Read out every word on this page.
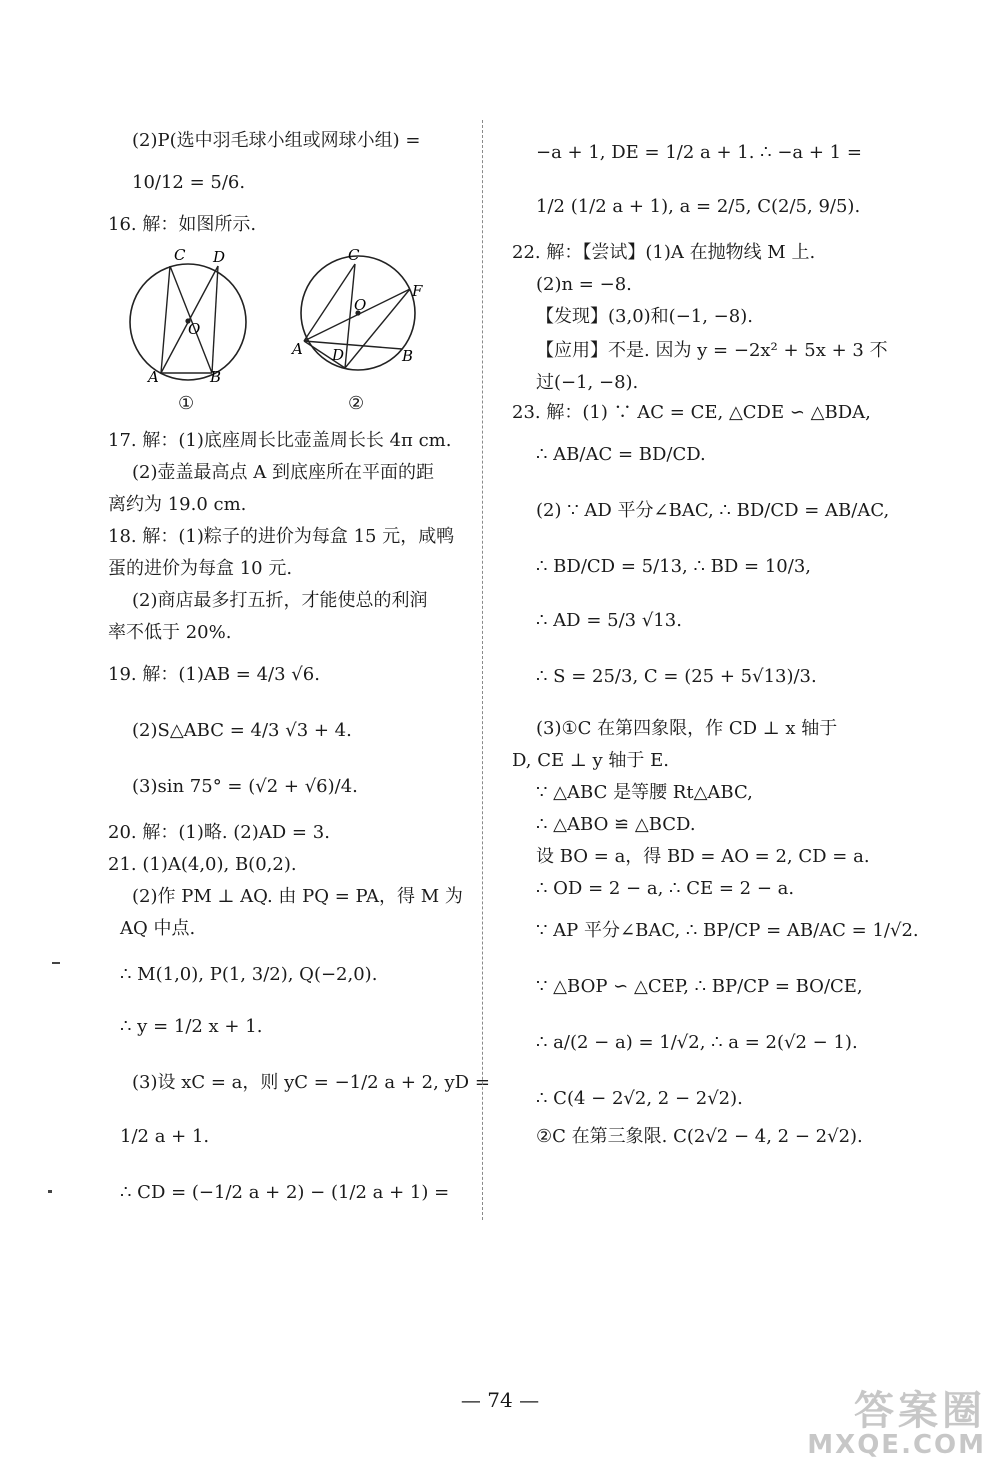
(2)P(选中羽毛球小组或网球小组) =
10/12 = 5/6.
16. 解：如图所示.
C D
O
A	B
①
C
F
O
A D	B
②
17. 解：(1)底座周长比壶盖周长长 4π cm.
(2)壶盖最高点 A 到底座所在平面的距
离约为 19.0 cm.
18. 解：(1)粽子的进价为每盒 15 元，咸鸭
蛋的进价为每盒 10 元.
(2)商店最多打五折，才能使总的利润
率不低于 20%.
19. 解：(1)AB = 4/3 √6.
(2)S△ABC = 4/3 √3 + 4.
(3)sin 75° = (√2 + √6)/4.
20. 解：(1)略. (2)AD = 3.
21. (1)A(4,0), B(0,2).
(2)作 PM ⊥ AQ. 由 PQ = PA，得 M 为
AQ 中点.
∴ M(1,0), P(1, 3/2), Q(−2,0).
∴ y = 1/2 x + 1.
(3)设 xC = a，则 yC = −1/2 a + 2, yD =
1/2 a + 1.
∴ CD = (−1/2 a + 2) − (1/2 a + 1) =
−a + 1, DE = 1/2 a + 1. ∴ −a + 1 =
1/2 (1/2 a + 1), a = 2/5, C(2/5, 9/5).
22. 解：【尝试】(1)A 在抛物线 M 上.
(2)n = −8.
【发现】(3,0)和(−1, −8).
【应用】不是. 因为 y = −2x² + 5x + 3 不
过(−1, −8).
23. 解：(1) ∵ AC = CE, △CDE ∽ △BDA,
∴ AB/AC = BD/CD.
(2) ∵ AD 平分∠BAC, ∴ BD/CD = AB/AC,
∴ BD/CD = 5/13, ∴ BD = 10/3,
∴ AD = 5/3 √13.
∴ S = 25/3, C = (25 + 5√13)/3.
(3)①C 在第四象限，作 CD ⊥ x 轴于
D, CE ⊥ y 轴于 E.
∵ △ABC 是等腰 Rt△ABC,
∴ △ABO ≌ △BCD.
设 BO = a，得 BD = AO = 2, CD = a.
∴ OD = 2 − a, ∴ CE = 2 − a.
∵ AP 平分∠BAC, ∴ BP/CP = AB/AC = 1/√2.
∵ △BOP ∽ △CEP, ∴ BP/CP = BO/CE,
∴ a/(2 − a) = 1/√2, ∴ a = 2(√2 − 1).
∴ C(4 − 2√2, 2 − 2√2).
②C 在第三象限. C(2√2 − 4, 2 − 2√2).
— 74 —	答案圈
MXQE.COM
